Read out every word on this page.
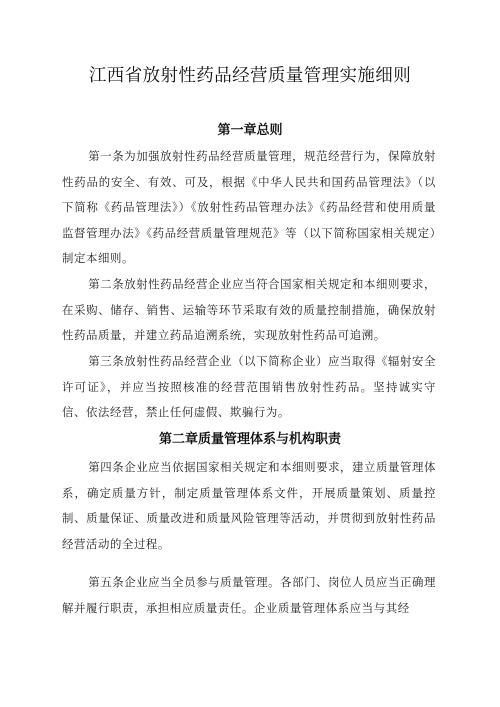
江西省放射性药品经营质量管理实施细则
第一章总则

第一条为加强放射性药品经营质量管理，规范经营行为，保障放射性药品的安全、有效、可及，根据《中华人民共和国药品管理法》（以下简称《药品管理法》）《放射性药品管理办法》《药品经营和使用质量监督管理办法》《药品经营质量管理规范》等（以下简称国家相关规定）制定本细则。

第二条放射性药品经营企业应当符合国家相关规定和本细则要求，在采购、储存、销售、运输等环节采取有效的质量控制措施，确保放射性药品质量，并建立药品追溯系统，实现放射性药品可追溯。

第三条放射性药品经营企业（以下简称企业）应当取得《辐射安全许可证》，并应当按照核准的经营范围销售放射性药品。坚持诚实守信、依法经营，禁止任何虚假、欺骗行为。

第二章质量管理体系与机构职责

第四条企业应当依据国家相关规定和本细则要求，建立质量管理体系，确定质量方针，制定质量管理体系文件，开展质量策划、质量控制、质量保证、质量改进和质量风险管理等活动，并贯彻到放射性药品经营活动的全过程。

第五条企业应当全员参与质量管理。各部门、岗位人员应当正确理解并履行职责，承担相应质量责任。企业质量管理体系应当与其经
